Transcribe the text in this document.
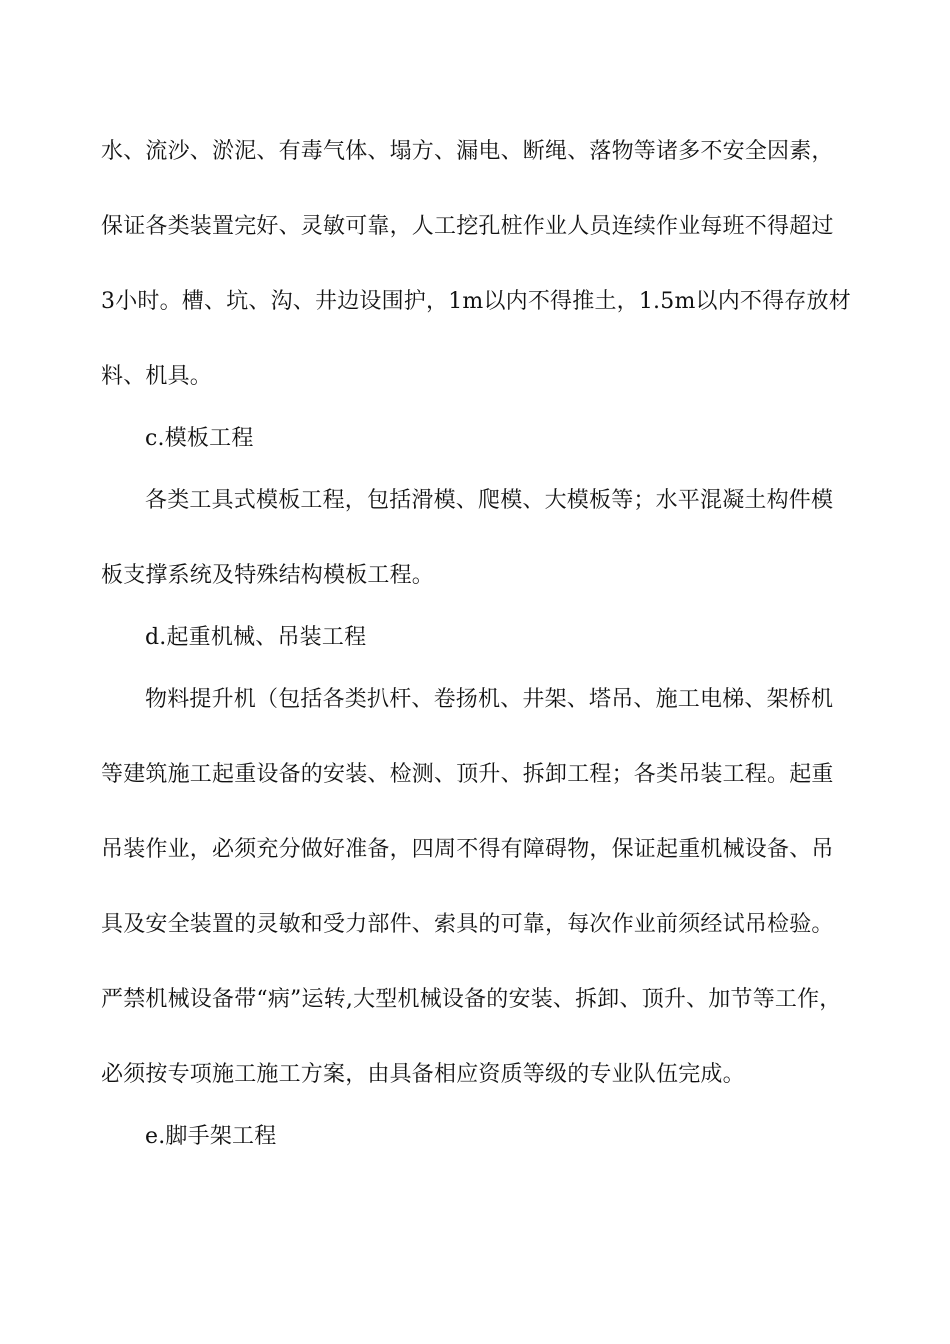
水、流沙、淤泥、有毒气体、塌方、漏电、断绳、落物等诸多不安全因素，
保证各类装置完好、灵敏可靠，人工挖孔桩作业人员连续作业每班不得超过
3小时。槽、坑、沟、井边设围护，1m以内不得推土，1.5m以内不得存放材
料、机具。
c.模板工程
各类工具式模板工程，包括滑模、爬模、大模板等；水平混凝土构件模
板支撑系统及特殊结构模板工程。
d.起重机械、吊装工程
物料提升机（包括各类扒杆、卷扬机、井架、塔吊、施工电梯、架桥机
等建筑施工起重设备的安装、检测、顶升、拆卸工程；各类吊装工程。起重
吊装作业，必须充分做好准备，四周不得有障碍物，保证起重机械设备、吊
具及安全装置的灵敏和受力部件、索具的可靠，每次作业前须经试吊检验。
严禁机械设备带“病”运转,大型机械设备的安装、拆卸、顶升、加节等工作，
必须按专项施工施工方案，由具备相应资质等级的专业队伍完成。
e.脚手架工程
